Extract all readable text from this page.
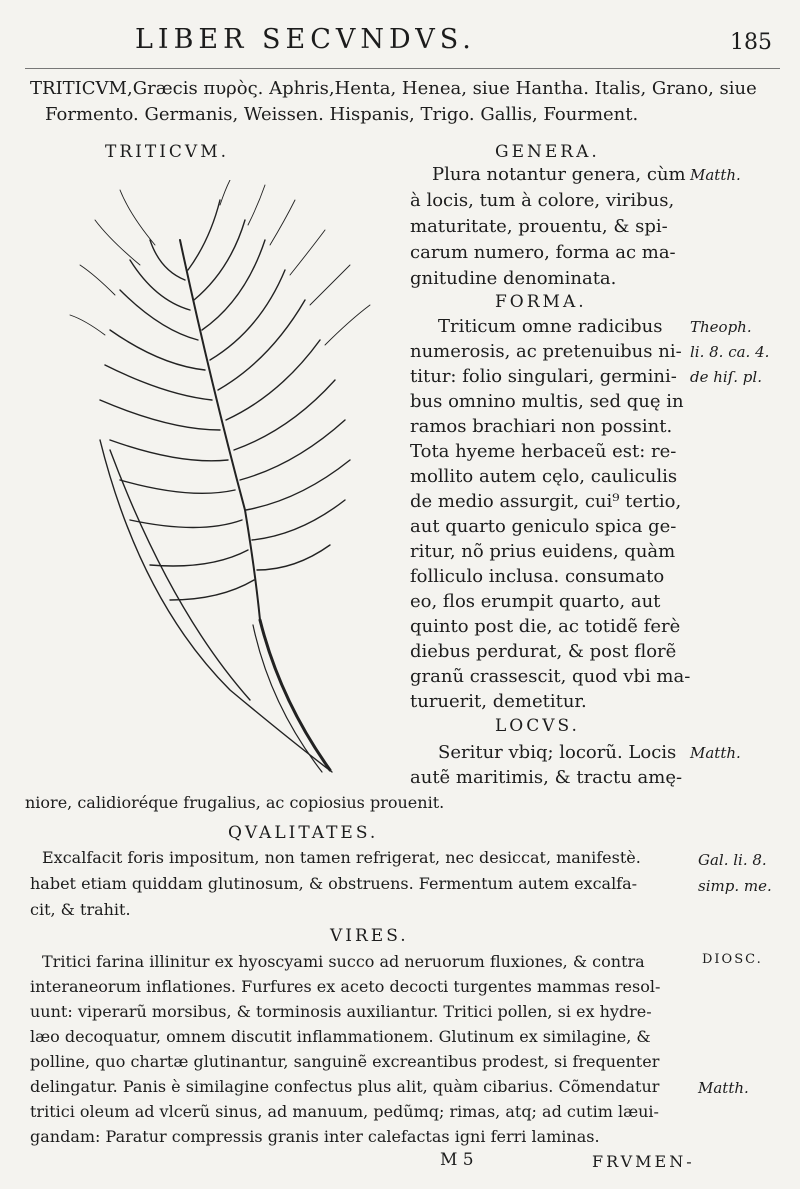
LIBER SECVNDVS.	185
TRITICVM,Græcis πυρὸς. Aphris,Henta, Henea, siue Hantha. Italis, Grano, siue
Formento. Germanis, Weissen. Hispanis, Trigo. Gallis, Fourment.
TRITICVM.	GENERA.
Plura notantur genera, cùm
à locis, tum à colore, viribus,
maturitate, prouentu, & spi-
carum numero, forma ac ma-
gnitudine denominata.
FORMA.
Triticum omne radicibus
numerosis, ac pretenuibus ni-
titur: folio singulari, germini-
bus omnino multis, sed quę in
ramos brachiari non possint.
Tota hyeme herbaceũ est: re-
mollito autem cęlo, cauliculis
de medio assurgit, cui⁹ tertio,
aut quarto geniculo spica ge-
ritur, nõ prius euidens, quàm
folliculo inclusa. consumato
eo, flos erumpit quarto, aut
quinto post die, ac totidẽ ferè
diebus perdurat, & post florẽ
granũ crassescit, quod vbi ma-
turuerit, demetitur.
LOCVS.
Seritur vbiq; locorũ. Locis
autẽ maritimis, & tractu amę-
niore, calidioréque frugalius, ac copiosius prouenit.
QVALITATES.
Excalfacit foris impositum, non tamen refrigerat, nec desiccat, manifestè.
habet etiam quiddam glutinosum, & obstruens. Fermentum autem excalfa-
cit, & trahit.
VIRES.
Tritici farina illinitur ex hyoscyami succo ad neruorum fluxiones, & contra
interaneorum inflationes. Furfures ex aceto decocti turgentes mammas resol-
uunt: viperarũ morsibus, & torminosis auxiliantur. Tritici pollen, si ex hydre-
læo decoquatur, omnem discutit inflammationem. Glutinum ex similagine, &
polline, quo chartæ glutinantur, sanguinẽ excreantibus prodest, si frequenter
delingatur. Panis è similagine confectus plus alit, quàm cibarius. Cõmendatur
tritici oleum ad vlcerũ sinus, ad manuum, pedũmq; rimas, atq; ad cutim læui-
gandam: Paratur compressis granis inter calefactas igni ferri laminas.
Matth.
Theoph.
li. 8. ca. 4.
de hiſ. pl.
Matth.
Gal. li. 8.
simp. me.
DIOSC.
Matth.
M 5	FRVMEN-
